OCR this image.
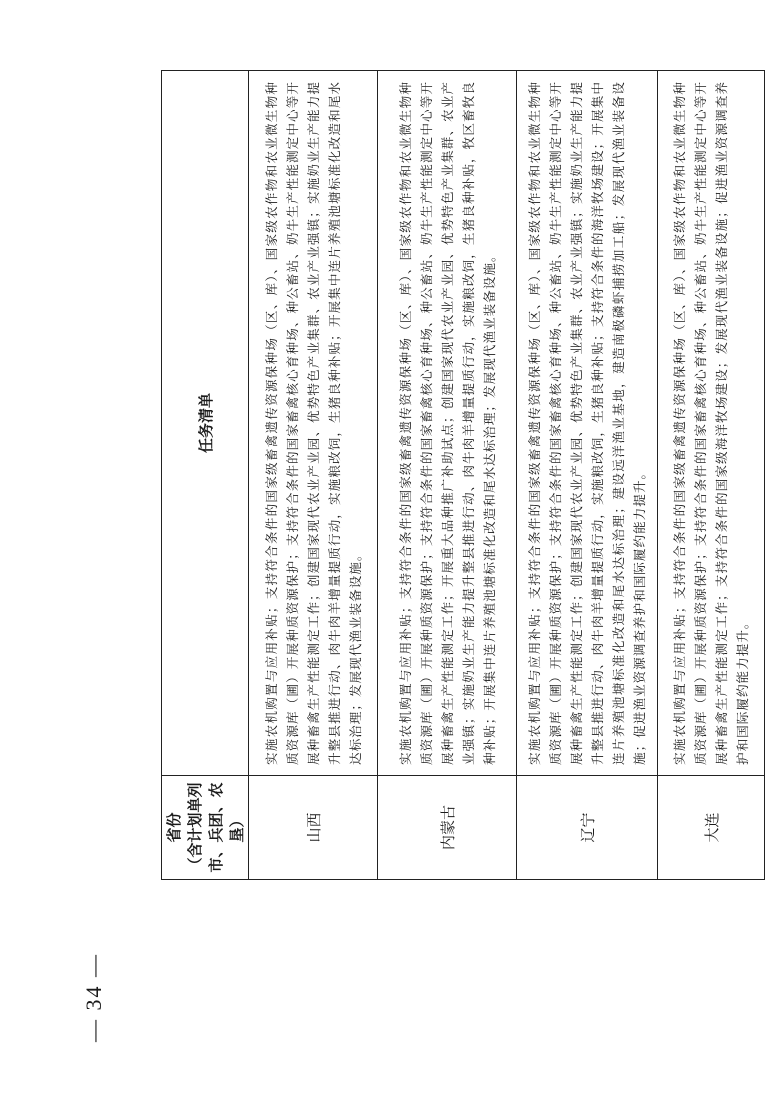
— 34 —
省份
（含计划单列市、兵团、农垦）	任务清单
山西	实施农机购置与应用补贴；支持符合条件的国家级畜禽遗传资源保种场（区、库）、国家级农作物和农业微生物种质资源库（圃）开展种质资源保护；支持符合条件的国家畜禽核心育种场、种公畜站、奶牛生产性能测定中心等开展种畜禽生产性能测定工作；创建国家现代农业产业园、优势特色产业集群、农业产业强镇；实施奶业生产能力提升整县推进行动、肉牛肉羊增量提质行动，实施粮改饲，生猪良种补贴；开展集中连片养殖池塘标准化改造和尾水达标治理；发展现代渔业装备设施。
内蒙古	实施农机购置与应用补贴；支持符合条件的国家级畜禽遗传资源保种场（区、库）、国家级农作物和农业微生物种质资源库（圃）开展种质资源保护；支持符合条件的国家畜禽核心育种场、种公畜站、奶牛生产性能测定中心等开展种畜禽生产性能测定工作；开展重大品种推广补助试点；创建国家现代农业产业园、优势特色产业集群、农业产业强镇；实施奶业生产能力提升整县推进行动、肉牛肉羊增量提质行动，实施粮改饲，生猪良种补贴，牧区畜牧良种补贴；开展集中连片养殖池塘标准化改造和尾水达标治理；发展现代渔业装备设施。
辽宁	实施农机购置与应用补贴；支持符合条件的国家级畜禽遗传资源保种场（区、库）、国家级农作物和农业微生物种质资源库（圃）开展种质资源保护；支持符合条件的国家畜禽核心育种场、种公畜站、奶牛生产性能测定中心等开展种畜禽生产性能测定工作；创建国家现代农业产业园、优势特色产业集群、农业产业强镇；实施奶业生产能力提升整县推进行动、肉牛肉羊增量提质行动，实施粮改饲，生猪良种补贴；支持符合条件的海洋牧场建设；开展集中连片养殖池塘标准化改造和尾水达标治理；建设远洋渔业基地，建造南极磷虾捕捞加工船；发展现代渔业装备设施；促进渔业资源调查养护和国际履约能力提升。
大连	实施农机购置与应用补贴；支持符合条件的国家级畜禽遗传资源保种场（区、库）、国家级农作物和农业微生物种质资源库（圃）开展种质资源保护；支持符合条件的国家畜禽核心育种场、种公畜站、奶牛生产性能测定中心等开展种畜禽生产性能测定工作；支持符合条件的国家级海洋牧场建设；发展现代渔业装备设施；促进渔业资源调查养护和国际履约能力提升。
